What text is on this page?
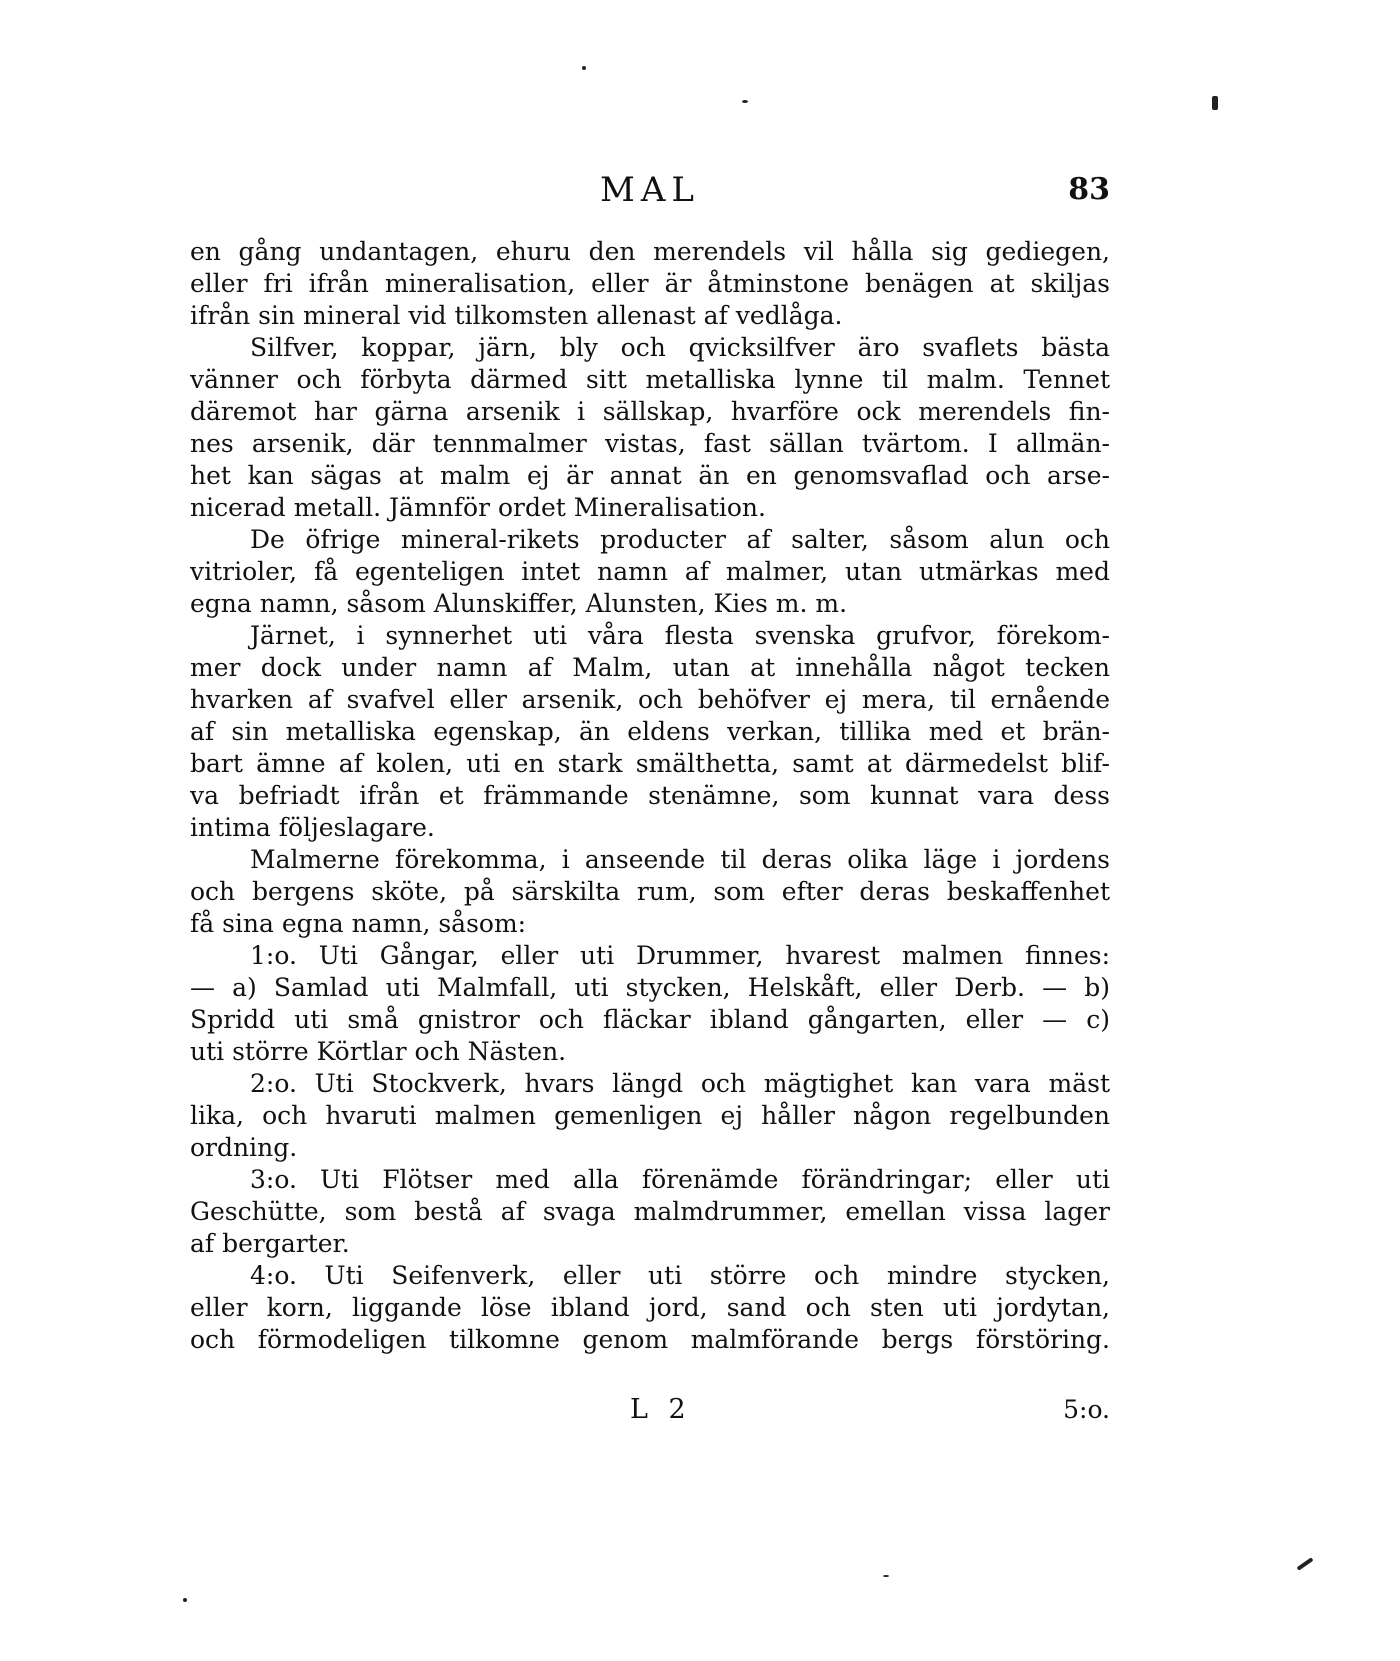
MAL	83
en gång undantagen, ehuru den merendels vil hålla sig gediegen,
eller fri ifrån mineralisation, eller är åtminstone benägen at skiljas
ifrån sin mineral vid tilkomsten allenast af vedlåga.
Silfver, koppar, järn, bly och qvicksilfver äro svaflets bästa
vänner och förbyta därmed sitt metalliska lynne til malm. Tennet
däremot har gärna arsenik i sällskap, hvarföre ock merendels fin-
nes arsenik, där tennmalmer vistas, fast sällan tvärtom. I allmän-
het kan sägas at malm ej är annat än en genomsvaflad och arse-
nicerad metall. Jämnför ordet Mineralisation.
De öfrige mineral-rikets producter af salter, såsom alun och
vitrioler, få egenteligen intet namn af malmer, utan utmärkas med
egna namn, såsom Alunskiffer, Alunsten, Kies m. m.
Järnet, i synnerhet uti våra flesta svenska grufvor, förekom-
mer dock under namn af Malm, utan at innehålla något tecken
hvarken af svafvel eller arsenik, och behöfver ej mera, til ernående
af sin metalliska egenskap, än eldens verkan, tillika med et brän-
bart ämne af kolen, uti en stark smälthetta, samt at därmedelst blif-
va befriadt ifrån et främmande stenämne, som kunnat vara dess
intima följeslagare.
Malmerne förekomma, i anseende til deras olika läge i jordens
och bergens sköte, på särskilta rum, som efter deras beskaffenhet
få sina egna namn, såsom:
1:o. Uti Gångar, eller uti Drummer, hvarest malmen finnes:
— a) Samlad uti Malmfall, uti stycken, Helskåft, eller Derb. — b)
Spridd uti små gnistror och fläckar ibland gångarten, eller — c)
uti större Körtlar och Nästen.
2:o. Uti Stockverk, hvars längd och mägtighet kan vara mäst
lika, och hvaruti malmen gemenligen ej håller någon regelbunden
ordning.
3:o. Uti Flötser med alla förenämde förändringar; eller uti
Geschütte, som bestå af svaga malmdrummer, emellan vissa lager
af bergarter.
4:o. Uti Seifenverk, eller uti större och mindre stycken,
eller korn, liggande löse ibland jord, sand och sten uti jordytan,
och förmodeligen tilkomne genom malmförande bergs förstöring.
L 2	5:o.
